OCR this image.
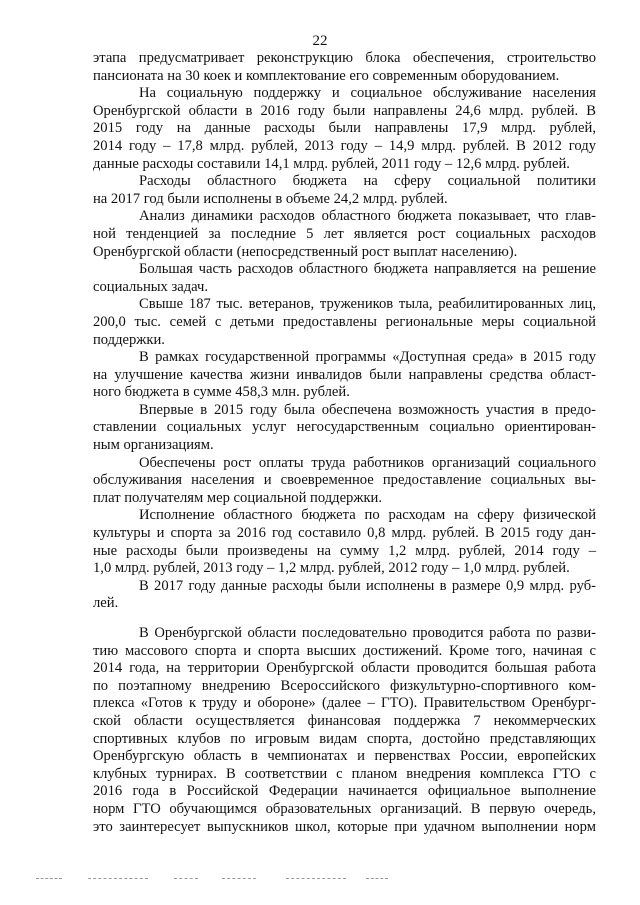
22
этапа предусматривает реконструкцию блока обеспечения, строительство
пансионата на 30 коек и комплектование его современным оборудованием.
На социальную поддержку и социальное обслуживание населения
Оренбургской области в 2016 году были направлены 24,6 млрд. рублей. В
2015 году на данные расходы были направлены 17,9 млрд. рублей,
2014 году – 17,8 млрд. рублей, 2013 году – 14,9 млрд. рублей. В 2012 году
данные расходы составили 14,1 млрд. рублей, 2011 году – 12,6 млрд. рублей.
Расходы областного бюджета на сферу социальной политики
на 2017 год были исполнены в объеме 24,2 млрд. рублей.
Анализ динамики расходов областного бюджета показывает, что глав-
ной тенденцией за последние 5 лет является рост социальных расходов
Оренбургской области (непосредственный рост выплат населению).
Большая часть расходов областного бюджета направляется на решение
социальных задач.
Свыше 187 тыс. ветеранов, тружеников тыла, реабилитированных лиц,
200,0 тыс. семей с детьми предоставлены региональные меры социальной
поддержки.
В рамках государственной программы «Доступная среда» в 2015 году
на улучшение качества жизни инвалидов были направлены средства област-
ного бюджета в сумме 458,3 млн. рублей.
Впервые в 2015 году была обеспечена возможность участия в предо-
ставлении социальных услуг негосударственным социально ориентирован-
ным организациям.
Обеспечены рост оплаты труда работников организаций социального
обслуживания населения и своевременное предоставление социальных вы-
плат получателям мер социальной поддержки.
Исполнение областного бюджета по расходам на сферу физической
культуры и спорта за 2016 год составило 0,8 млрд. рублей. В 2015 году дан-
ные расходы были произведены на сумму 1,2 млрд. рублей, 2014 году –
1,0 млрд. рублей, 2013 году – 1,2 млрд. рублей, 2012 году – 1,0 млрд. рублей.
В 2017 году данные расходы были исполнены в размере 0,9 млрд. руб-
лей.
В Оренбургской области последовательно проводится работа по разви-
тию массового спорта и спорта высших достижений. Кроме того, начиная с
2014 года, на территории Оренбургской области проводится большая работа
по поэтапному внедрению Всероссийского физкультурно-спортивного ком-
плекса «Готов к труду и обороне» (далее – ГТО). Правительством Оренбург-
ской области осуществляется финансовая поддержка 7 некоммерческих
спортивных клубов по игровым видам спорта, достойно представляющих
Оренбургскую область в чемпионатах и первенствах России, европейских
клубных турнирах. В соответствии с планом внедрения комплекса ГТО с
2016 года в Российской Федерации начинается официальное выполнение
норм ГТО обучающимся образовательных организаций. В первую очередь,
это заинтересует выпускников школ, которые при удачном выполнении норм
